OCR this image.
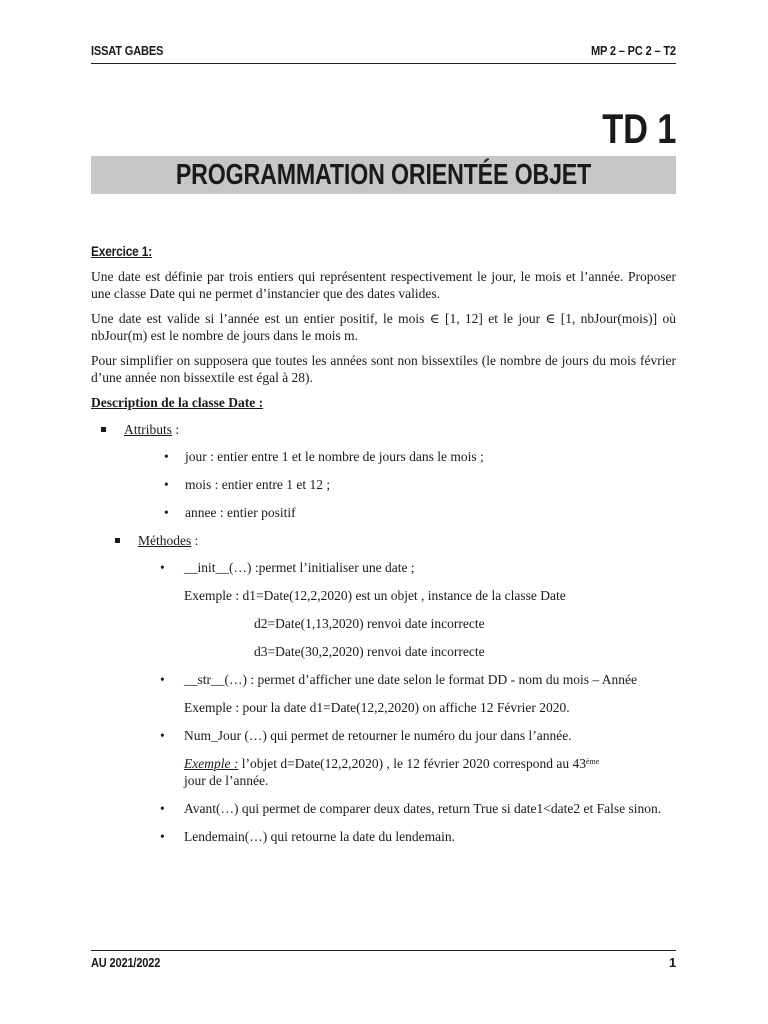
ISSAT GABES	MP 2 – PC 2 – T2
TD 1
PROGRAMMATION ORIENTÉE OBJET
Exercice 1:

Une date est définie par trois entiers qui représentent respectivement le jour, le mois et l’année. Proposer une classe Date qui ne permet d’instancier que des dates valides.

Une date est valide si l’année est un entier positif, le mois ∈ [1, 12] et le jour ∈ [1, nbJour(mois)] où nbJour(m) est le nombre de jours dans le mois m.

Pour simplifier on supposera que toutes les années sont non bissextiles (le nombre de jours du mois février d’une année non bissextile est égal à 28).

Description de la classe Date :
Attributs :
• jour : entier entre 1 et le nombre de jours dans le mois ;
• mois : entier entre 1 et 12 ;
• annee : entier positif
Méthodes :
• __init__(…) :permet l’initialiser une date ;
Exemple : d1=Date(12,2,2020) est un objet , instance de la classe Date
d2=Date(1,13,2020) renvoi date incorrecte
d3=Date(30,2,2020) renvoi date incorrecte
• __str__(…) : permet d’afficher une date selon le format DD - nom du mois – Année
Exemple : pour la date d1=Date(12,2,2020) on affiche 12 Février 2020.
• Num_Jour (…) qui permet de retourner le numéro du jour dans l’année.
Exemple : l’objet d=Date(12,2,2020) , le 12 février 2020 correspond au 43ème
jour de l’année.
• Avant(…) qui permet de comparer deux dates, return True si date1<date2 et False sinon.
• Lendemain(…) qui retourne la date du lendemain.
AU 2021/2022	1
